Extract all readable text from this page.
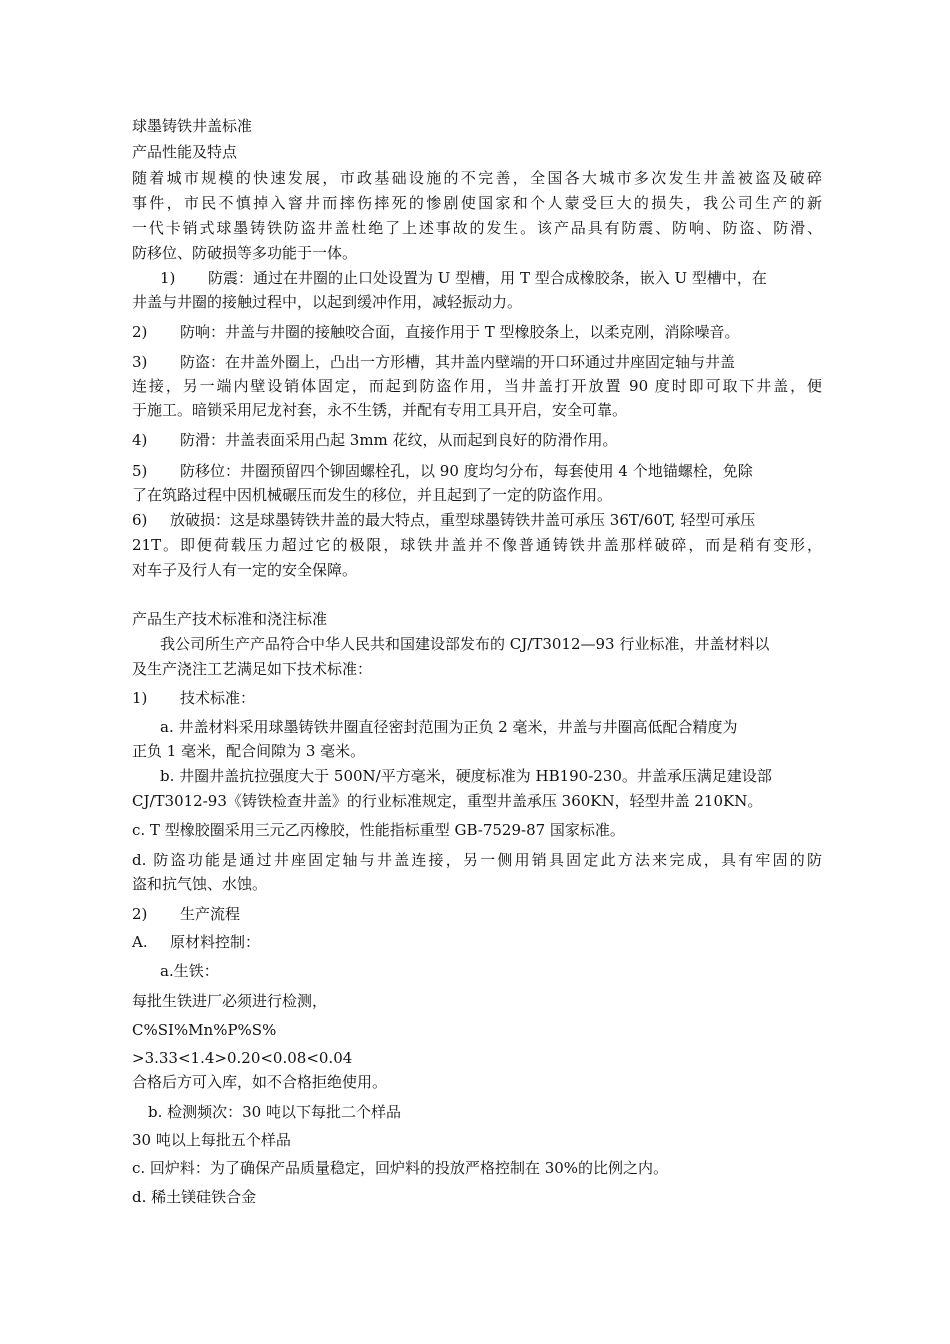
球墨铸铁井盖标准
产品性能及特点
随着城市规模的快速发展，市政基础设施的不完善，全国各大城市多次发生井盖被盗及破碎
事件，市民不慎掉入窨井而摔伤摔死的惨剧使国家和个人蒙受巨大的损失，我公司生产的新
一代卡销式球墨铸铁防盗井盖杜绝了上述事故的发生。该产品具有防震、防响、防盗、防滑、
防移位、防破损等多功能于一体。
1) 防震：通过在井圈的止口处设置为 U 型槽，用 T 型合成橡胶条，嵌入 U 型槽中，在
井盖与井圈的接触过程中，以起到缓冲作用，减轻振动力。
2) 防响：井盖与井圈的接触咬合面，直接作用于 T 型橡胶条上，以柔克刚，消除噪音。
3) 防盗：在井盖外圈上，凸出一方形槽，其井盖内壁端的开口环通过井座固定轴与井盖
连接，另一端内壁设销体固定，而起到防盗作用，当井盖打开放置 90 度时即可取下井盖，便
于施工。暗锁采用尼龙衬套，永不生锈，并配有专用工具开启，安全可靠。
4) 防滑：井盖表面采用凸起 3mm 花纹，从而起到良好的防滑作用。
5) 防移位：井圈预留四个铆固螺栓孔，以 90 度均匀分布，每套使用 4 个地锚螺栓，免除
了在筑路过程中因机械碾压而发生的移位，并且起到了一定的防盗作用。
6) 放破损：这是球墨铸铁井盖的最大特点，重型球墨铸铁井盖可承压 36T/60T, 轻型可承压
21T。即便荷载压力超过它的极限，球铁井盖并不像普通铸铁井盖那样破碎，而是稍有变形，
对车子及行人有一定的安全保障。
产品生产技术标准和浇注标准
我公司所生产产品符合中华人民共和国建设部发布的 CJ/T3012—93 行业标准，井盖材料以
及生产浇注工艺满足如下技术标准：
1) 技术标准：
a. 井盖材料采用球墨铸铁井圈直径密封范围为正负 2 毫米，井盖与井圈高低配合精度为
正负 1 毫米，配合间隙为 3 毫米。
b. 井圈井盖抗拉强度大于 500N/平方毫米，硬度标准为 HB190-230。井盖承压满足建设部
CJ/T3012-93《铸铁检查井盖》的行业标准规定，重型井盖承压 360KN，轻型井盖 210KN。
c. T 型橡胶圈采用三元乙丙橡胶，性能指标重型 GB-7529-87 国家标准。
d. 防盗功能是通过井座固定轴与井盖连接，另一侧用销具固定此方法来完成，具有牢固的防
盗和抗气蚀、水蚀。
2) 生产流程
A. 原材料控制：
a.生铁：
每批生铁进厂必须进行检测，
C%SI%Mn%P%S%
>3.33<1.4>0.20<0.08<0.04
合格后方可入库，如不合格拒绝使用。
b. 检测频次：30 吨以下每批二个样品
30 吨以上每批五个样品
c. 回炉料：为了确保产品质量稳定，回炉料的投放严格控制在 30%的比例之内。
d. 稀土镁硅铁合金
